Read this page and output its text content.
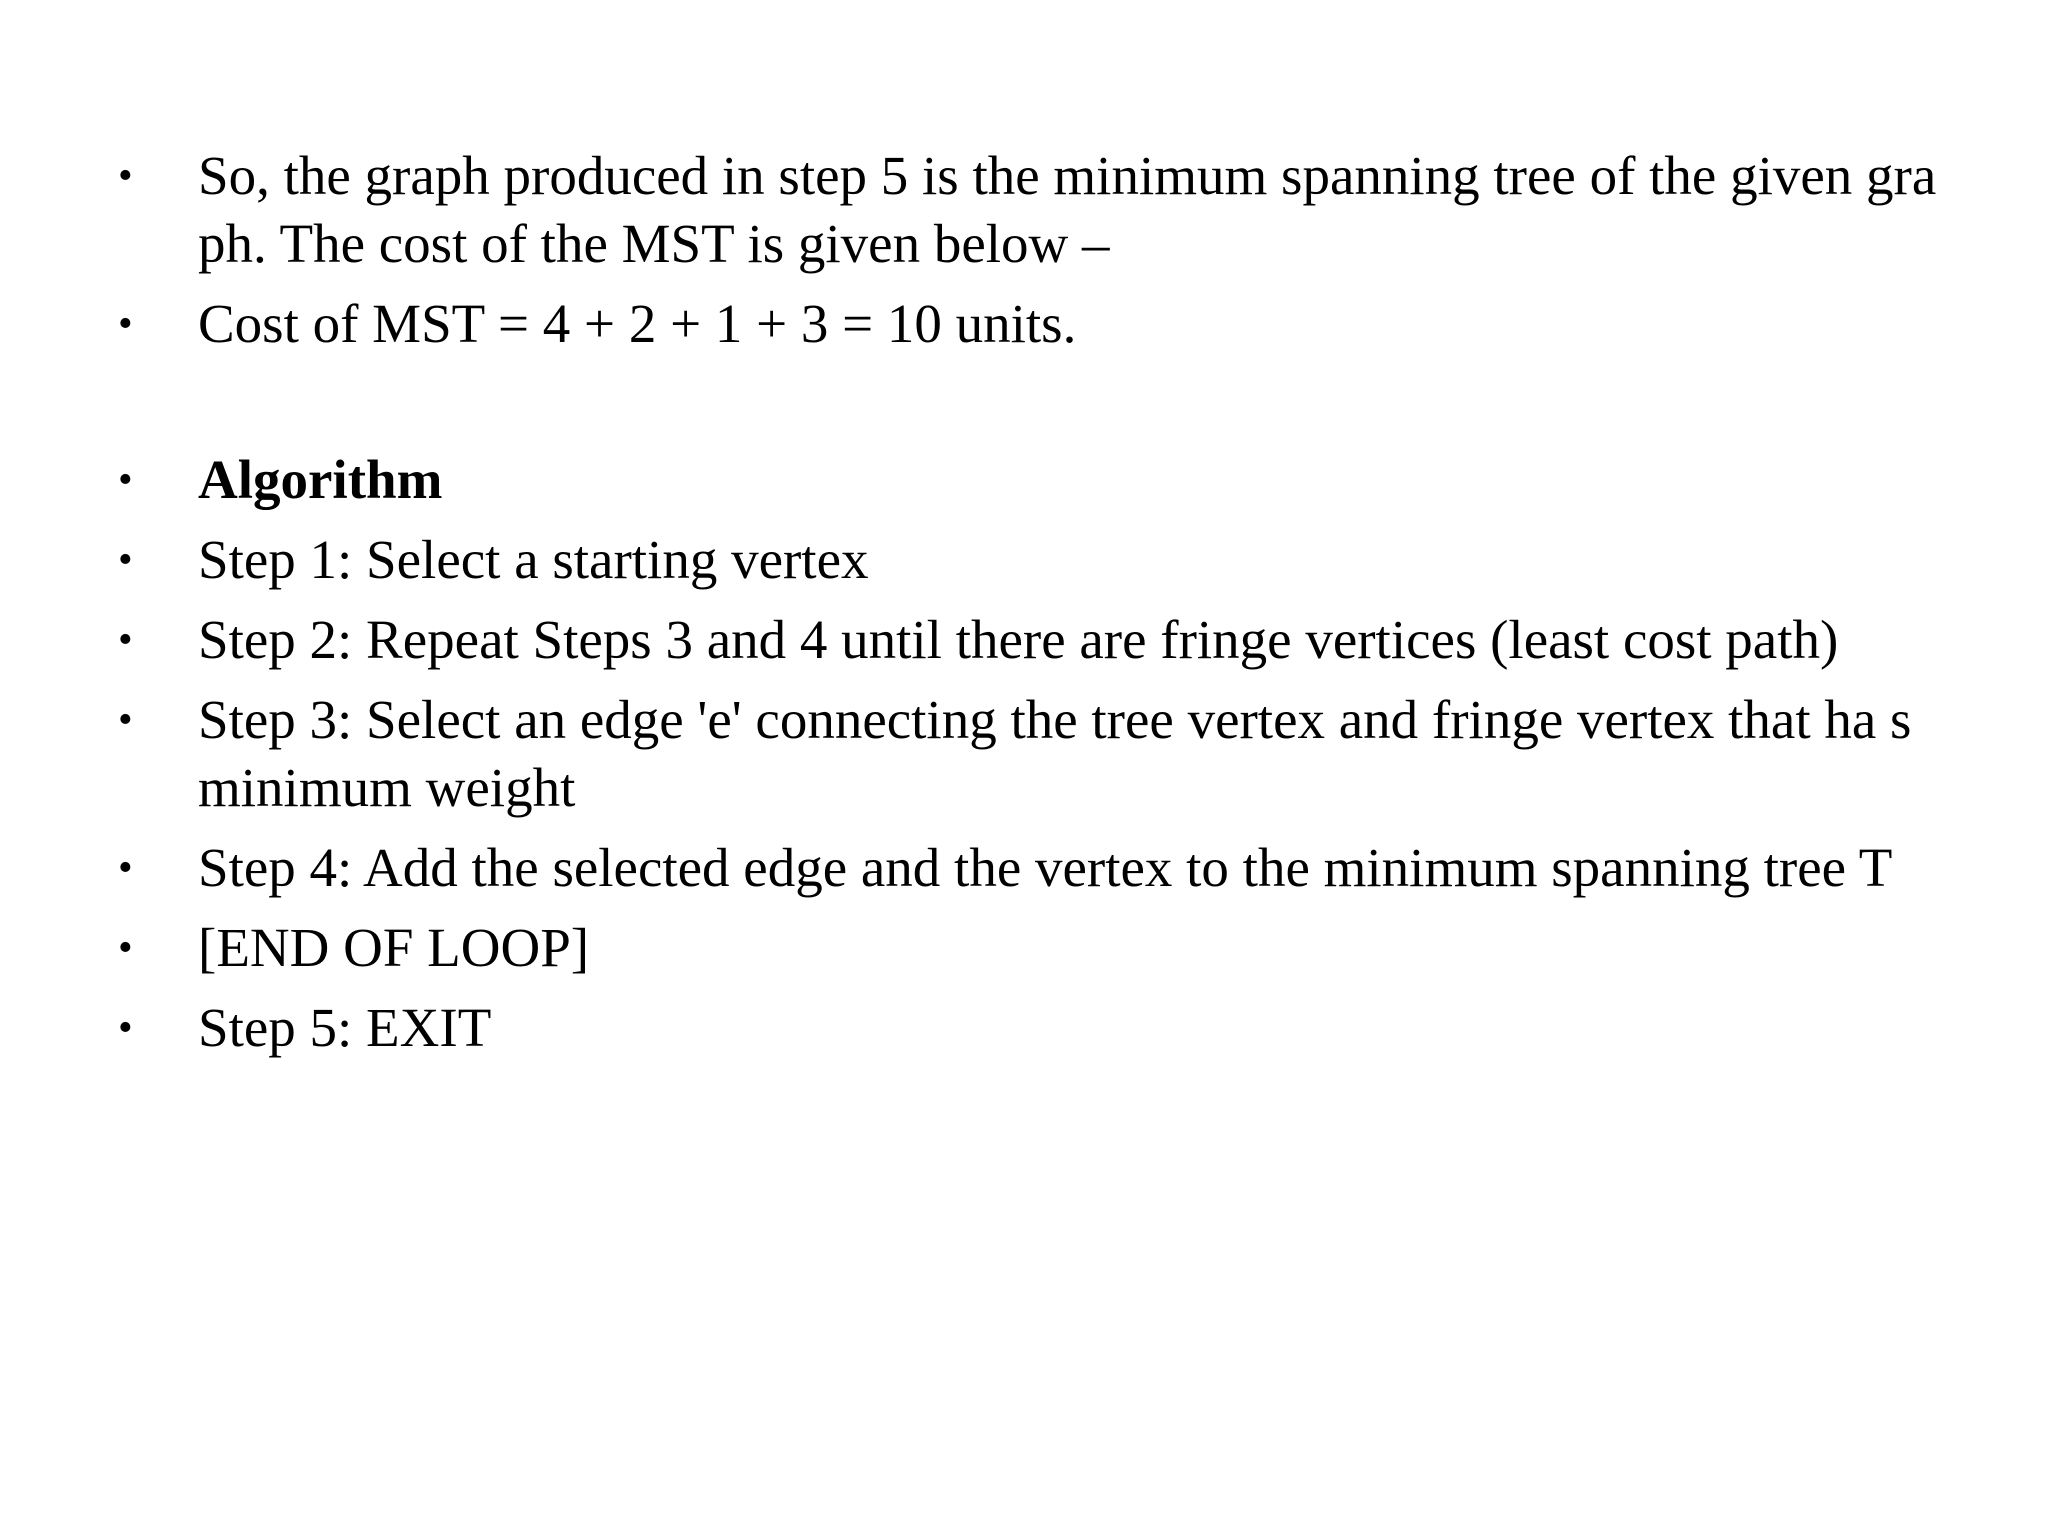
• So, the graph produced in step 5 is the minimum spanning tree of the given graph. The cost of the MST is given below –
• Cost of MST = 4 + 2 + 1 + 3 = 10 units.
• Algorithm
• Step 1: Select a starting vertex
• Step 2: Repeat Steps 3 and 4 until there are fringe vertices (least cost path)
• Step 3: Select an edge 'e' connecting the tree vertex and fringe vertex that ha s minimum weight
• Step 4: Add the selected edge and the vertex to the minimum spanning tree T
• [END OF LOOP]
• Step 5: EXIT
